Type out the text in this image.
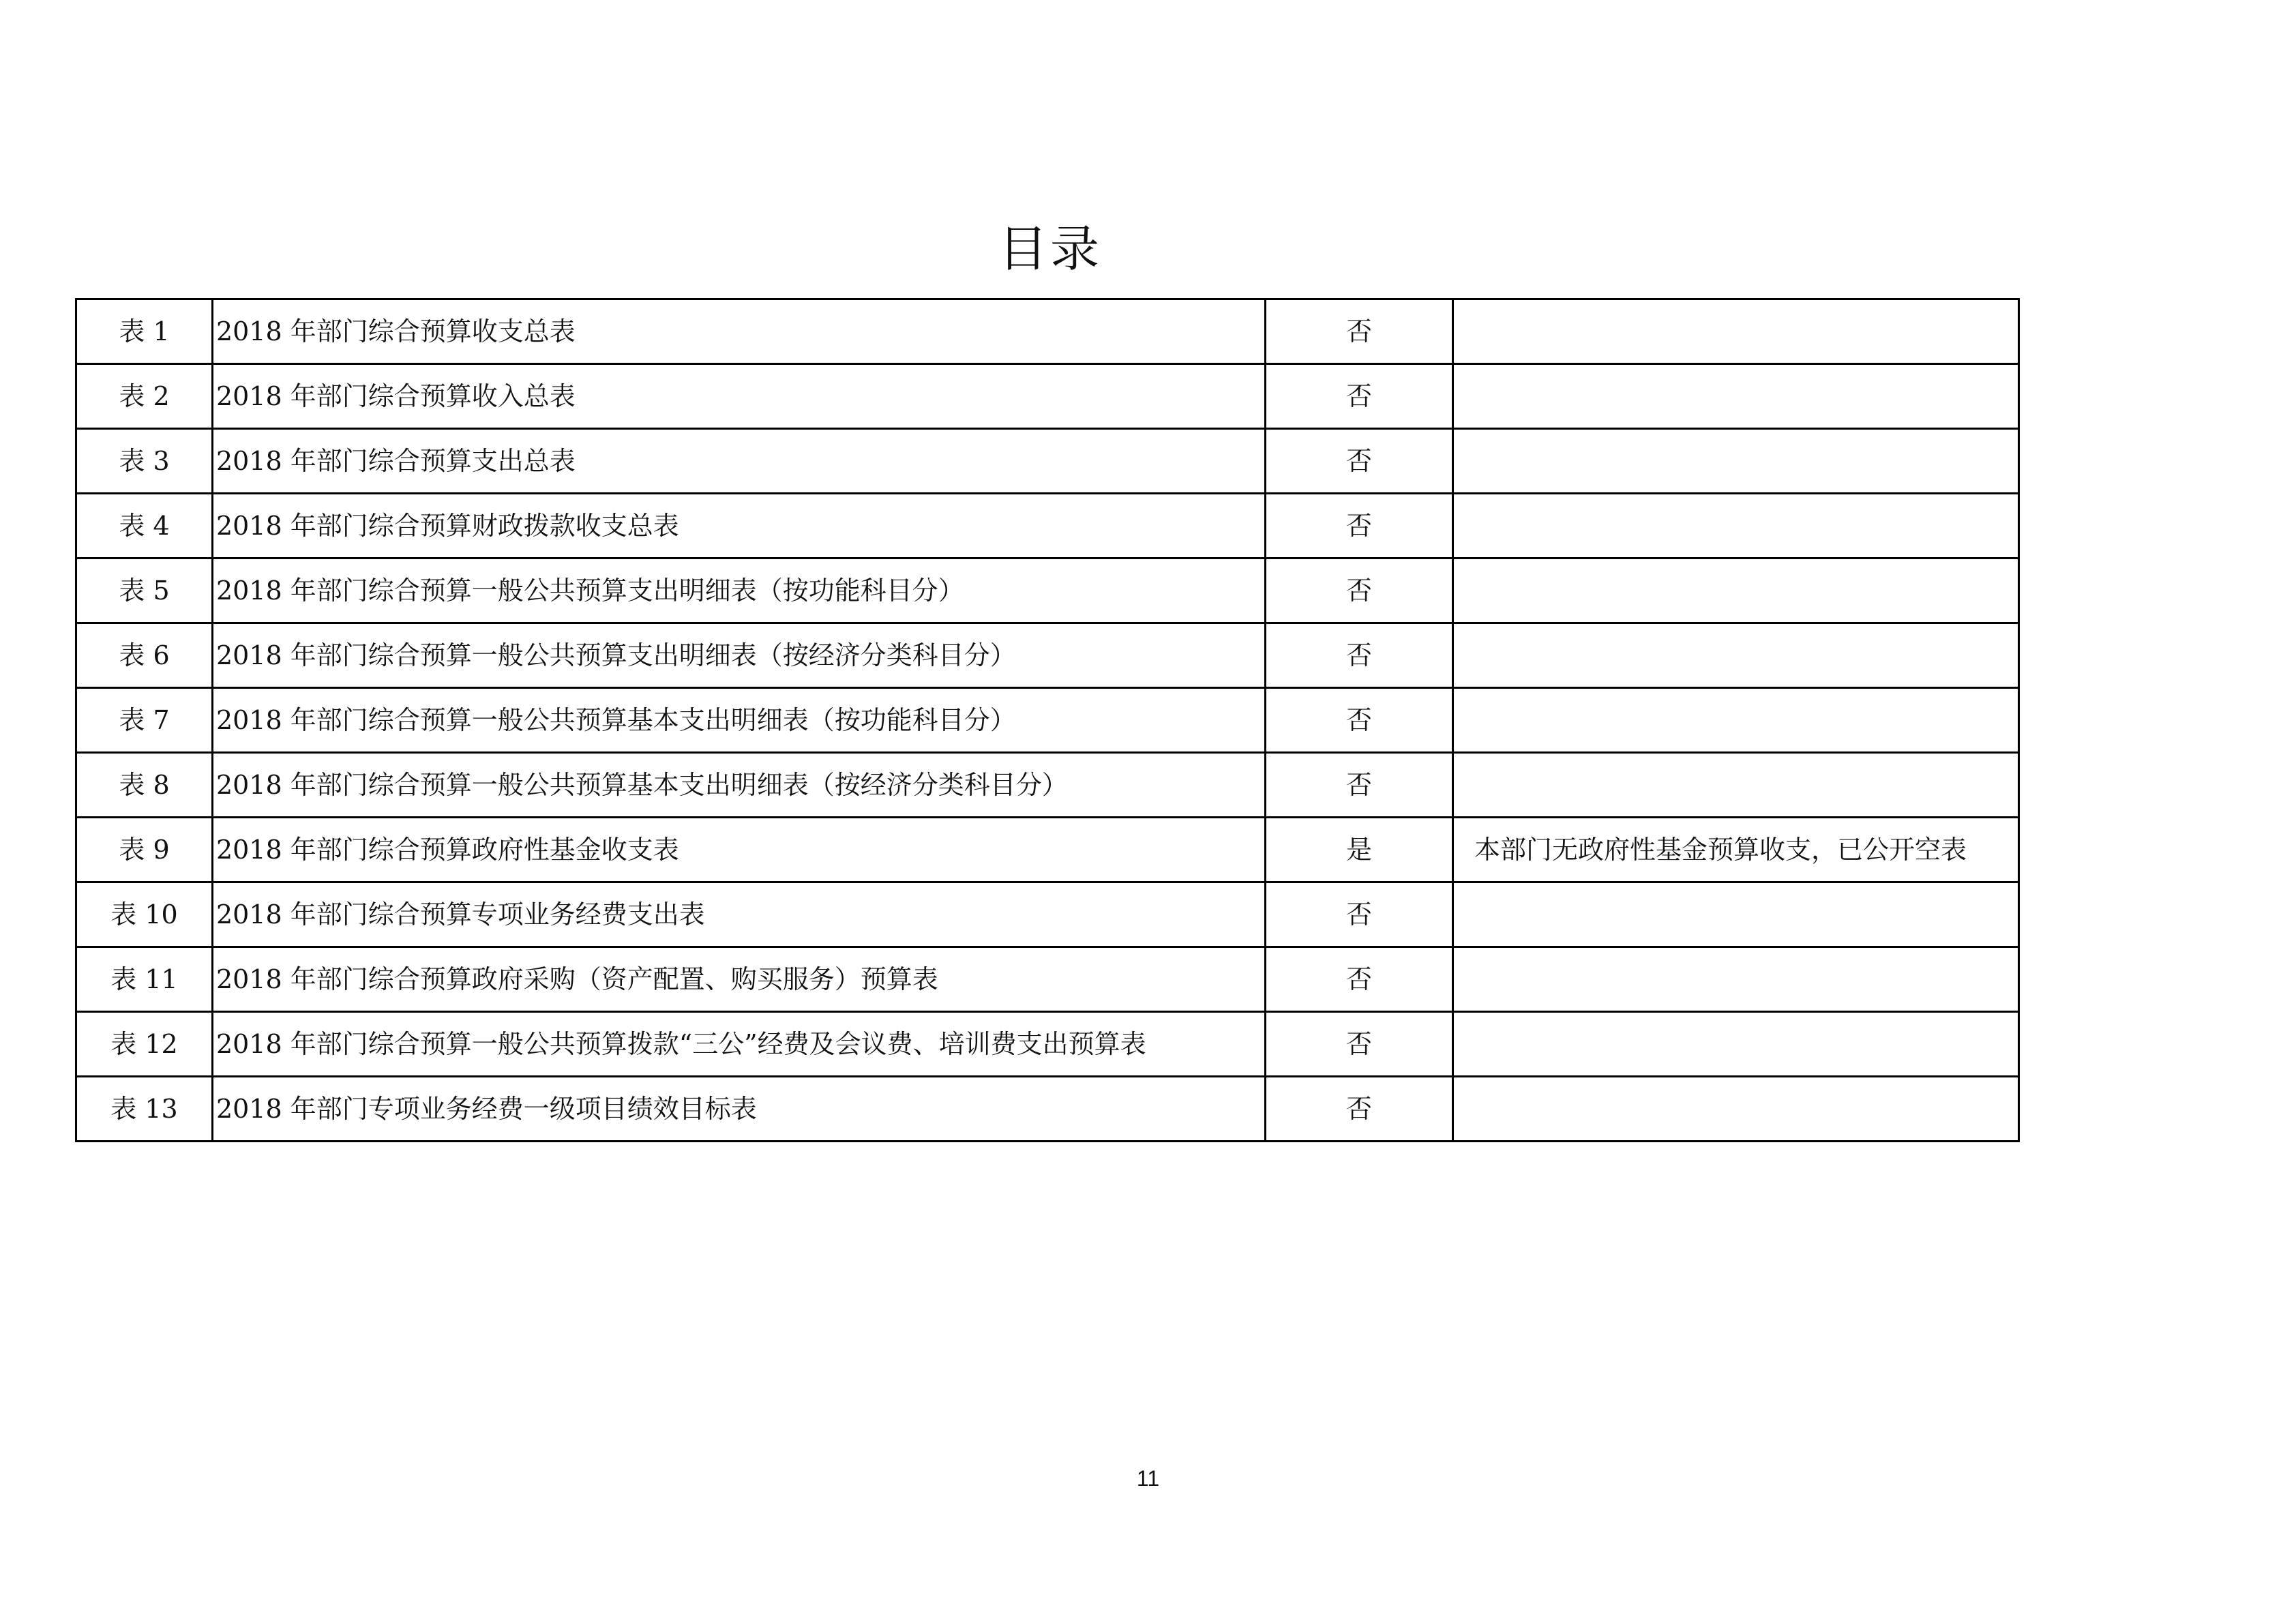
目录
表 1	2018 年部门综合预算收支总表	否	
表 2	2018 年部门综合预算收入总表	否	
表 3	2018 年部门综合预算支出总表	否	
表 4	2018 年部门综合预算财政拨款收支总表	否	
表 5	2018 年部门综合预算一般公共预算支出明细表（按功能科目分）	否	
表 6	2018 年部门综合预算一般公共预算支出明细表（按经济分类科目分）	否	
表 7	2018 年部门综合预算一般公共预算基本支出明细表（按功能科目分）	否	
表 8	2018 年部门综合预算一般公共预算基本支出明细表（按经济分类科目分）	否	
表 9	2018 年部门综合预算政府性基金收支表	是	本部门无政府性基金预算收支，已公开空表
表 10	2018 年部门综合预算专项业务经费支出表	否	
表 11	2018 年部门综合预算政府采购（资产配置、购买服务）预算表	否	
表 12	2018 年部门综合预算一般公共预算拨款“三公”经费及会议费、培训费支出预算表	否	
表 13	2018 年部门专项业务经费一级项目绩效目标表	否	
11
